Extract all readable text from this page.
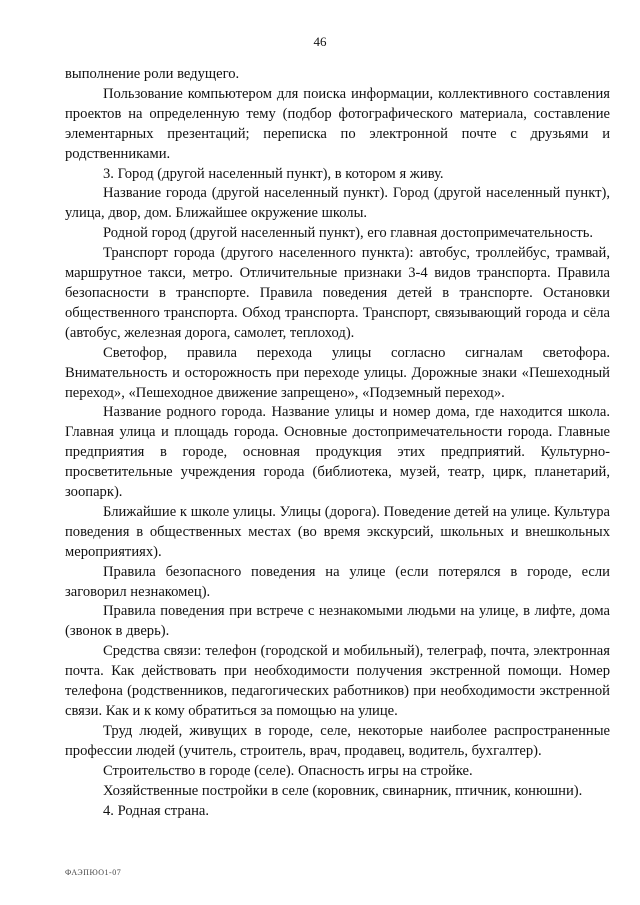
46

выполнение роли ведущего.

Пользование компьютером для поиска информации, коллективного составления проектов на определенную тему (подбор фотографического материала, составление элементарных презентаций; переписка по электронной почте с друзьями и родственниками.

3. Город (другой населенный пункт), в котором я живу.

Название города (другой населенный пункт). Город (другой населенный пункт), улица, двор, дом. Ближайшее окружение школы.

Родной город (другой населенный пункт), его главная достопримечательность.

Транспорт города (другого населенного пункта): автобус, троллейбус, трамвай, маршрутное такси, метро. Отличительные признаки 3-4 видов транспорта. Правила безопасности в транспорте. Правила поведения детей в транспорте. Остановки общественного транспорта. Обход транспорта. Транспорт, связывающий города и сёла (автобус, железная дорога, самолет, теплоход).

Светофор, правила перехода улицы согласно сигналам светофора. Внимательность и осторожность при переходе улицы. Дорожные знаки «Пешеходный переход», «Пешеходное движение запрещено», «Подземный переход».

Название родного города. Название улицы и номер дома, где находится школа. Главная улица и площадь города. Основные достопримечательности города. Главные предприятия в городе, основная продукция этих предприятий. Культурно-просветительные учреждения города (библиотека, музей, театр, цирк, планетарий, зоопарк).

Ближайшие к школе улицы. Улицы (дорога). Поведение детей на улице. Культура поведения в общественных местах (во время экскурсий, школьных и внешкольных мероприятиях).

Правила безопасного поведения на улице (если потерялся в городе, если заговорил незнакомец).

Правила поведения при встрече с незнакомыми людьми на улице, в лифте, дома (звонок в дверь).

Средства связи: телефон (городской и мобильный), телеграф, почта, электронная почта. Как действовать при необходимости получения экстренной помощи. Номер телефона (родственников, педагогических работников) при необходимости экстренной связи. Как и к кому обратиться за помощью на улице.

Труд людей, живущих в городе, селе, некоторые наиболее распространенные профессии людей (учитель, строитель, врач, продавец, водитель, бухгалтер).

Строительство в городе (селе). Опасность игры на стройке.

Хозяйственные постройки в селе (коровник, свинарник, птичник, конюшни).

4. Родная страна.

ФАЭПЮО1-07
